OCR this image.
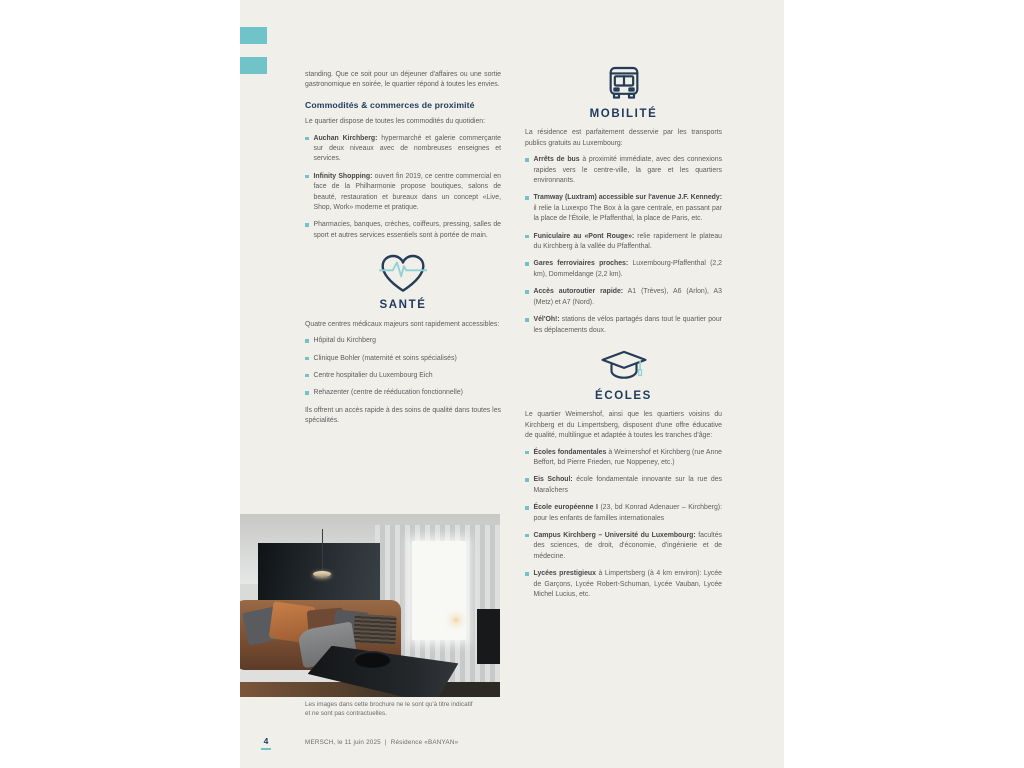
standing. Que ce soit pour un déjeuner d'affaires ou une sortie gastronomique en soirée, le quartier répond à toutes les envies.

Commodités & commerces de proximité

Le quartier dispose de toutes les commodités du quotidien:

Auchan Kirchberg: hypermarché et galerie commerçante sur deux niveaux avec de nombreuses enseignes et services.
Infinity Shopping: ouvert fin 2019, ce centre commercial en face de la Philharmonie propose boutiques, salons de beauté, restauration et bureaux dans un concept «Live, Shop, Work» moderne et pratique.
Pharmacies, banques, crèches, coiffeurs, pressing, salles de sport et autres services essentiels sont à portée de main.
SANTÉ

Quatre centres médicaux majeurs sont rapidement accessibles:

Hôpital du Kirchberg
Clinique Bohler (maternité et soins spécialisés)
Centre hospitalier du Luxembourg Eich
Rehazenter (centre de rééducation fonctionnelle)

Ils offrent un accès rapide à des soins de qualité dans toutes les spécialités.

Les images dans cette brochure ne le sont qu'à titre indicatif et ne sont pas contractuelles.
MOBILITÉ

La résidence est parfaitement desservie par les transports publics gratuits au Luxembourg:

Arrêts de bus à proximité immédiate, avec des connexions rapides vers le centre-ville, la gare et les quartiers environnants.
Tramway (Luxtram) accessible sur l'avenue J.F. Kennedy: il relie la Luxexpo The Box à la gare centrale, en passant par la place de l'Étoile, le Pfaffenthal, la place de Paris, etc.
Funiculaire au «Pont Rouge»: relie rapidement le plateau du Kirchberg à la vallée du Pfaffenthal.
Gares ferroviaires proches: Luxembourg-Pfaffenthal (2,2 km), Dommeldange (2,2 km).
Accès autoroutier rapide: A1 (Trèves), A6 (Arlon), A3 (Metz) et A7 (Nord).
Vél'Oh!: stations de vélos partagés dans tout le quartier pour les déplacements doux.
ÉCOLES

Le quartier Weimershof, ainsi que les quartiers voisins du Kirchberg et du Limpertsberg, disposent d'une offre éducative de qualité, multilingue et adaptée à toutes les tranches d'âge:

Écoles fondamentales à Weimershof et Kirchberg (rue Anne Beffort, bd Pierre Frieden, rue Noppeney, etc.)
Eis Schoul: école fondamentale innovante sur la rue des Maraîchers
École européenne I (23, bd Konrad Adenauer – Kirchberg): pour les enfants de familles internationales
Campus Kirchberg – Université du Luxembourg: facultés des sciences, de droit, d'économie, d'ingénierie et de médecine.
Lycées prestigieux à Limpertsberg (à 4 km environ): Lycée de Garçons, Lycée Robert-Schuman, Lycée Vauban, Lycée Michel Lucius, etc.
4	MERSCH, le 11 juin 2025 | Résidence «BANYAN»
